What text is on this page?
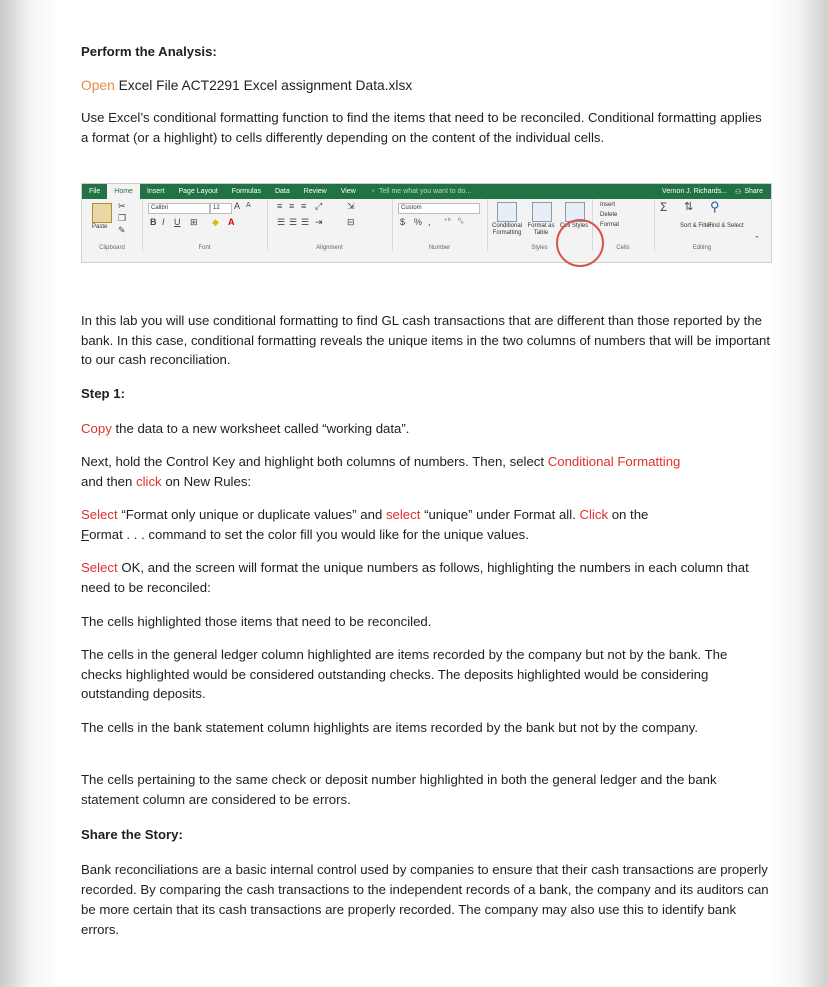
Perform the Analysis:
Open Excel File ACT2291 Excel assignment Data.xlsx
Use Excel’s conditional formatting function to find the items that need to be reconciled. Conditional formatting applies a format (or a highlight) to cells differently depending on the content of the individual cells.
File	Home	Insert	Page Layout	Formulas	Data	Review	View	♀ Tell me what you want to do...	Vernon J. Richards...	⚇ Share
Paste
✂
❐
✎
Clipboard
Calibri	12	A A
B I U ⊞ ◆ A
Font
≡ ≡ ≡ ⤢	⇲
☰ ☰ ☰ ⇥	⊟
Alignment
Custom
$ % , ⁺⁰ ⁰₀
Number
Conditional Formatting
Format as Table
Cell Styles
Styles
Insert
Delete
Format
Cells
Σ ⇅ ⚲
Sort & Filter
Find & Select
⌃
Editing
In this lab you will use conditional formatting to find GL cash transactions that are different than those reported by the bank. In this case, conditional formatting reveals the unique items in the two columns of numbers that will be important to our cash reconciliation.
Step 1:
Copy the data to a new worksheet called “working data”.
Next, hold the Control Key and highlight both columns of numbers. Then, select Conditional Formatting
and then click on New Rules:
Select “Format only unique or duplicate values” and select “unique” under Format all. Click on the
Format . . . command to set the color fill you would like for the unique values.
Select OK, and the screen will format the unique numbers as follows, highlighting the numbers in each column that need to be reconciled:
The cells highlighted those items that need to be reconciled.
The cells in the general ledger column highlighted are items recorded by the company but not by the bank. The checks highlighted would be considered outstanding checks. The deposits highlighted would be considering outstanding deposits.
The cells in the bank statement column highlights are items recorded by the bank but not by the company.
The cells pertaining to the same check or deposit number highlighted in both the general ledger and the bank statement column are considered to be errors.
Share the Story:
Bank reconciliations are a basic internal control used by companies to ensure that their cash transactions are properly recorded. By comparing the cash transactions to the independent records of a bank, the company and its auditors can be more certain that its cash transactions are properly recorded. The company may also use this to identify bank errors.
